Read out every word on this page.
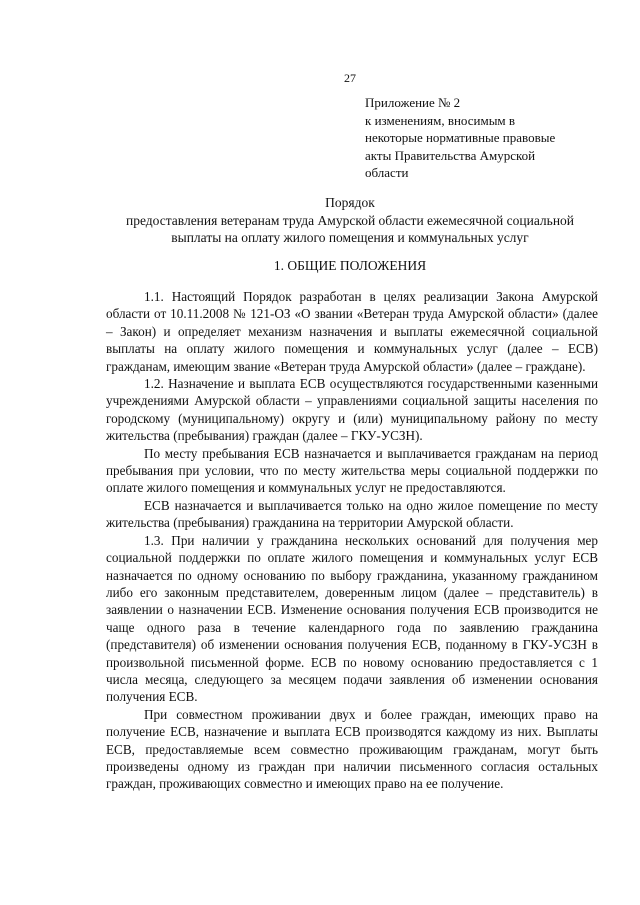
27
Приложение № 2
к изменениям, вносимым в
некоторые нормативные правовые
акты Правительства Амурской
области
Порядок
предоставления ветеранам труда Амурской области ежемесячной социальной выплаты на оплату жилого помещения и коммунальных услуг
1. ОБЩИЕ ПОЛОЖЕНИЯ

1.1. Настоящий Порядок разработан в целях реализации Закона Амурской области от 10.11.2008 № 121-ОЗ «О звании «Ветеран труда Амурской области» (далее – Закон) и определяет механизм назначения и выплаты ежемесячной социальной выплаты на оплату жилого помещения и коммунальных услуг (далее – ЕСВ) гражданам, имеющим звание «Ветеран труда Амурской области» (далее – граждане).

1.2. Назначение и выплата ЕСВ осуществляются государственными казенными учреждениями Амурской области – управлениями социальной защиты населения по городскому (муниципальному) округу и (или) муниципальному району по месту жительства (пребывания) граждан (далее – ГКУ-УСЗН).

По месту пребывания ЕСВ назначается и выплачивается гражданам на период пребывания при условии, что по месту жительства меры социальной поддержки по оплате жилого помещения и коммунальных услуг не предоставляются.

ЕСВ назначается и выплачивается только на одно жилое помещение по месту жительства (пребывания) гражданина на территории Амурской области.

1.3. При наличии у гражданина нескольких оснований для получения мер социальной поддержки по оплате жилого помещения и коммунальных услуг ЕСВ назначается по одному основанию по выбору гражданина, указанному гражданином либо его законным представителем, доверенным лицом (далее – представитель) в заявлении о назначении ЕСВ. Изменение основания получения ЕСВ производится не чаще одного раза в течение календарного года по заявлению гражданина (представителя) об изменении основания получения ЕСВ, поданному в ГКУ-УСЗН в произвольной письменной форме. ЕСВ по новому основанию предоставляется с 1 числа месяца, следующего за месяцем подачи заявления об изменении основания получения ЕСВ.

При совместном проживании двух и более граждан, имеющих право на получение ЕСВ, назначение и выплата ЕСВ производятся каждому из них. Выплаты ЕСВ, предоставляемые всем совместно проживающим гражданам, могут быть произведены одному из граждан при наличии письменного согласия остальных граждан, проживающих совместно и имеющих право на ее получение.
